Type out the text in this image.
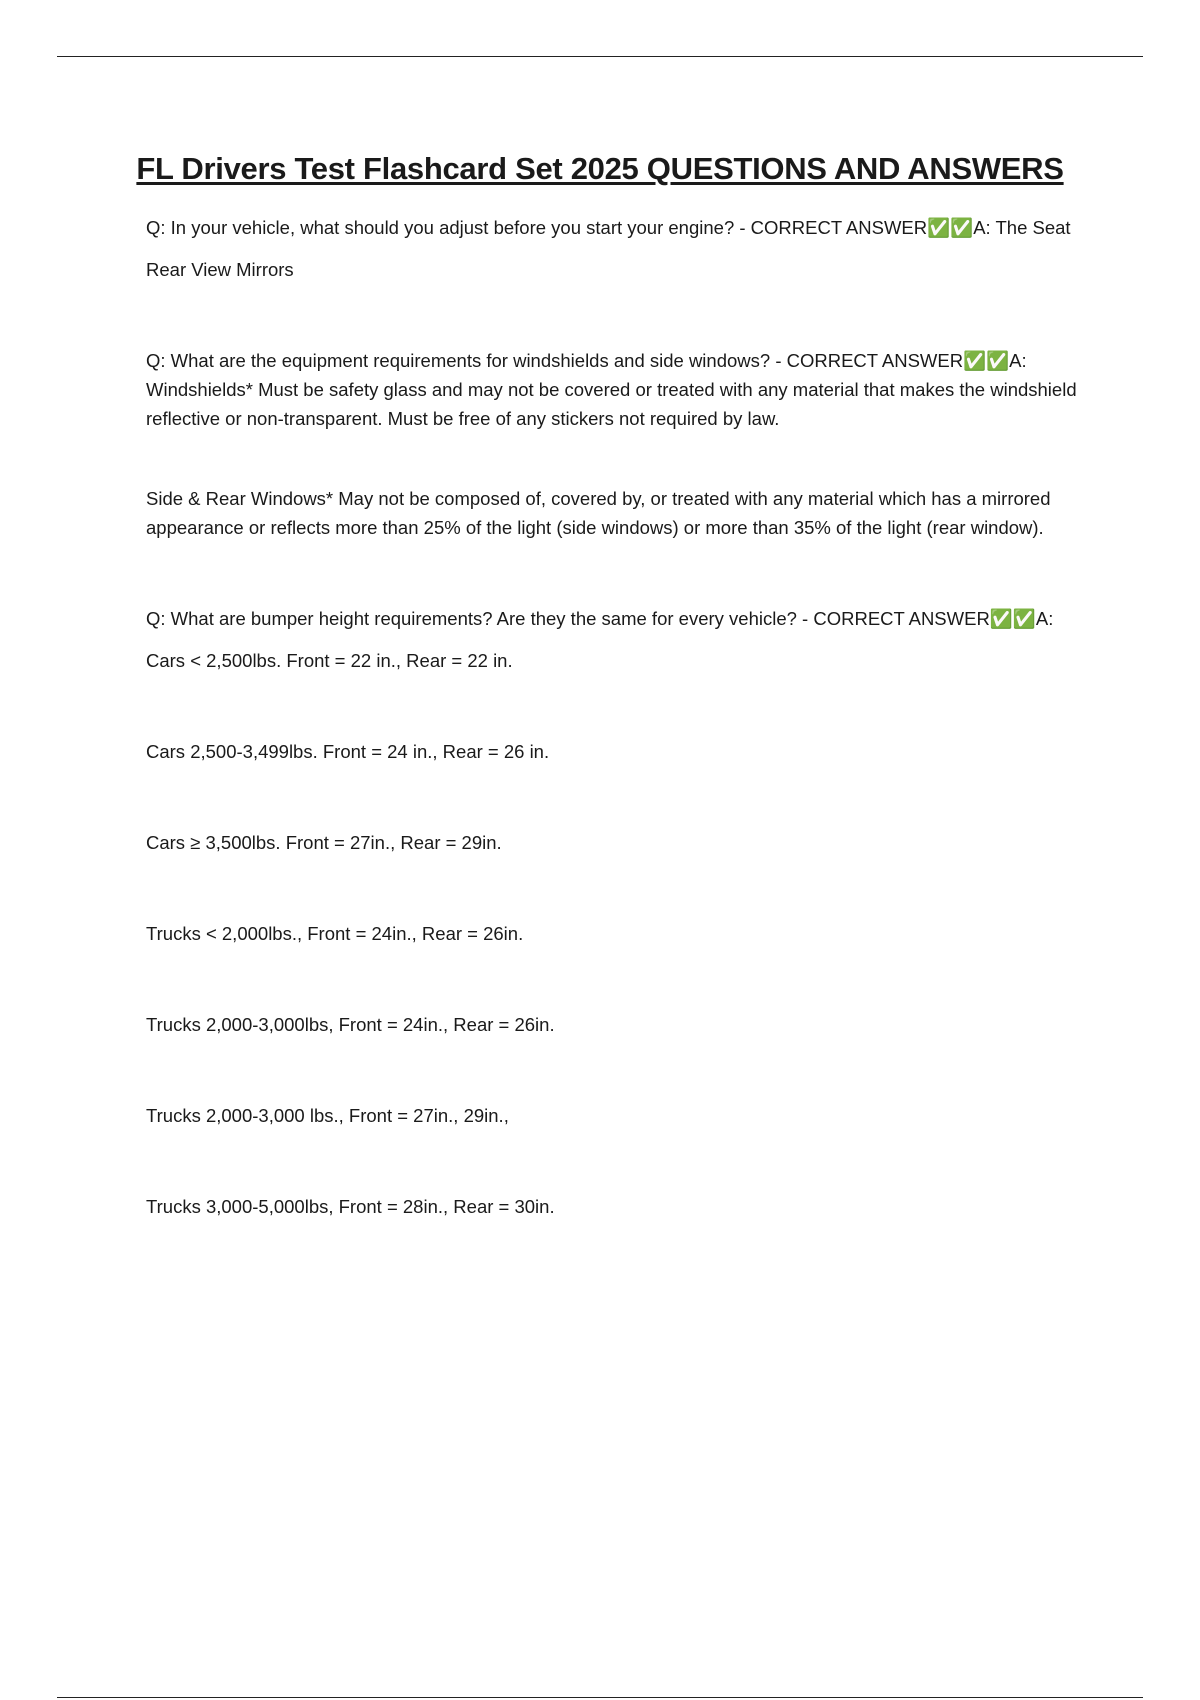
FL Drivers Test Flashcard Set 2025 QUESTIONS AND ANSWERS

Q: In your vehicle, what should you adjust before you start your engine? - CORRECT ANSWER✅✅A: The Seat

Rear View Mirrors

Q: What are the equipment requirements for windshields and side windows? - CORRECT ANSWER✅✅A: Windshields* Must be safety glass and may not be covered or treated with any material that makes the windshield reflective or non-transparent. Must be free of any stickers not required by law.

Side & Rear Windows* May not be composed of, covered by, or treated with any material which has a mirrored appearance or reflects more than 25% of the light (side windows) or more than 35% of the light (rear window).

Q: What are bumper height requirements? Are they the same for every vehicle? - CORRECT ANSWER✅✅A:

Cars < 2,500lbs. Front = 22 in., Rear = 22 in.

Cars 2,500-3,499lbs. Front = 24 in., Rear = 26 in.

Cars ≥ 3,500lbs. Front = 27in., Rear = 29in.

Trucks < 2,000lbs., Front = 24in., Rear = 26in.

Trucks 2,000-3,000lbs, Front = 24in., Rear = 26in.

Trucks 2,000-3,000 lbs., Front = 27in., 29in.,

Trucks 3,000-5,000lbs, Front = 28in., Rear = 30in.
